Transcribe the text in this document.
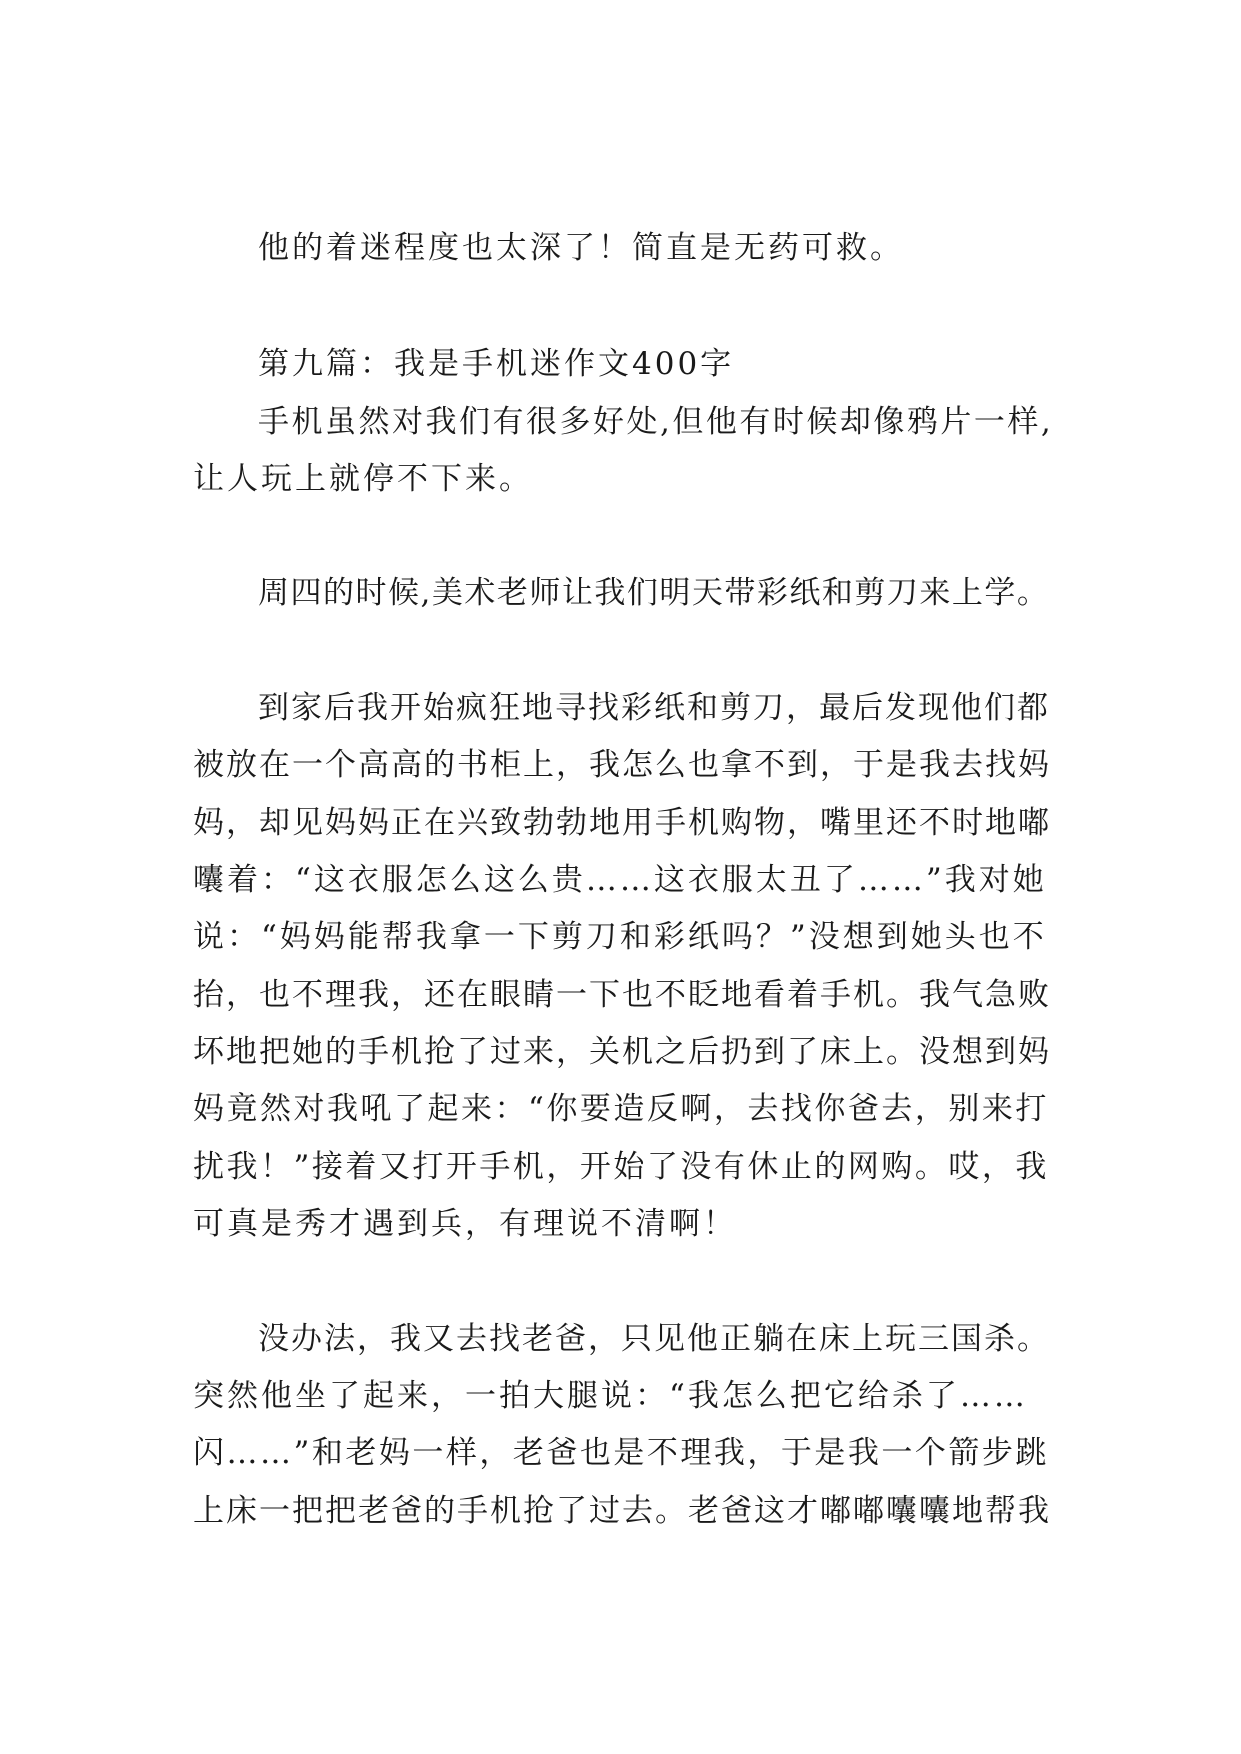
他的着迷程度也太深了！简直是无药可救。

第九篇：我是手机迷作文400字

手机虽然对我们有很多好处,但他有时候却像鸦片一样,

让人玩上就停不下来。

周四的时候,美术老师让我们明天带彩纸和剪刀来上学。

到家后我开始疯狂地寻找彩纸和剪刀，最后发现他们都

被放在一个高高的书柜上，我怎么也拿不到，于是我去找妈

妈，却见妈妈正在兴致勃勃地用手机购物，嘴里还不时地嘟

囔着：“这衣服怎么这么贵……这衣服太丑了……”我对她

说：“妈妈能帮我拿一下剪刀和彩纸吗？”没想到她头也不

抬，也不理我，还在眼睛一下也不眨地看着手机。我气急败

坏地把她的手机抢了过来，关机之后扔到了床上。没想到妈

妈竟然对我吼了起来：“你要造反啊，去找你爸去，别来打

扰我！”接着又打开手机，开始了没有休止的网购。哎，我

可真是秀才遇到兵，有理说不清啊！

没办法，我又去找老爸，只见他正躺在床上玩三国杀。

突然他坐了起来，一拍大腿说：“我怎么把它给杀了……

闪……”和老妈一样，老爸也是不理我，于是我一个箭步跳

上床一把把老爸的手机抢了过去。老爸这才嘟嘟囔囔地帮我
